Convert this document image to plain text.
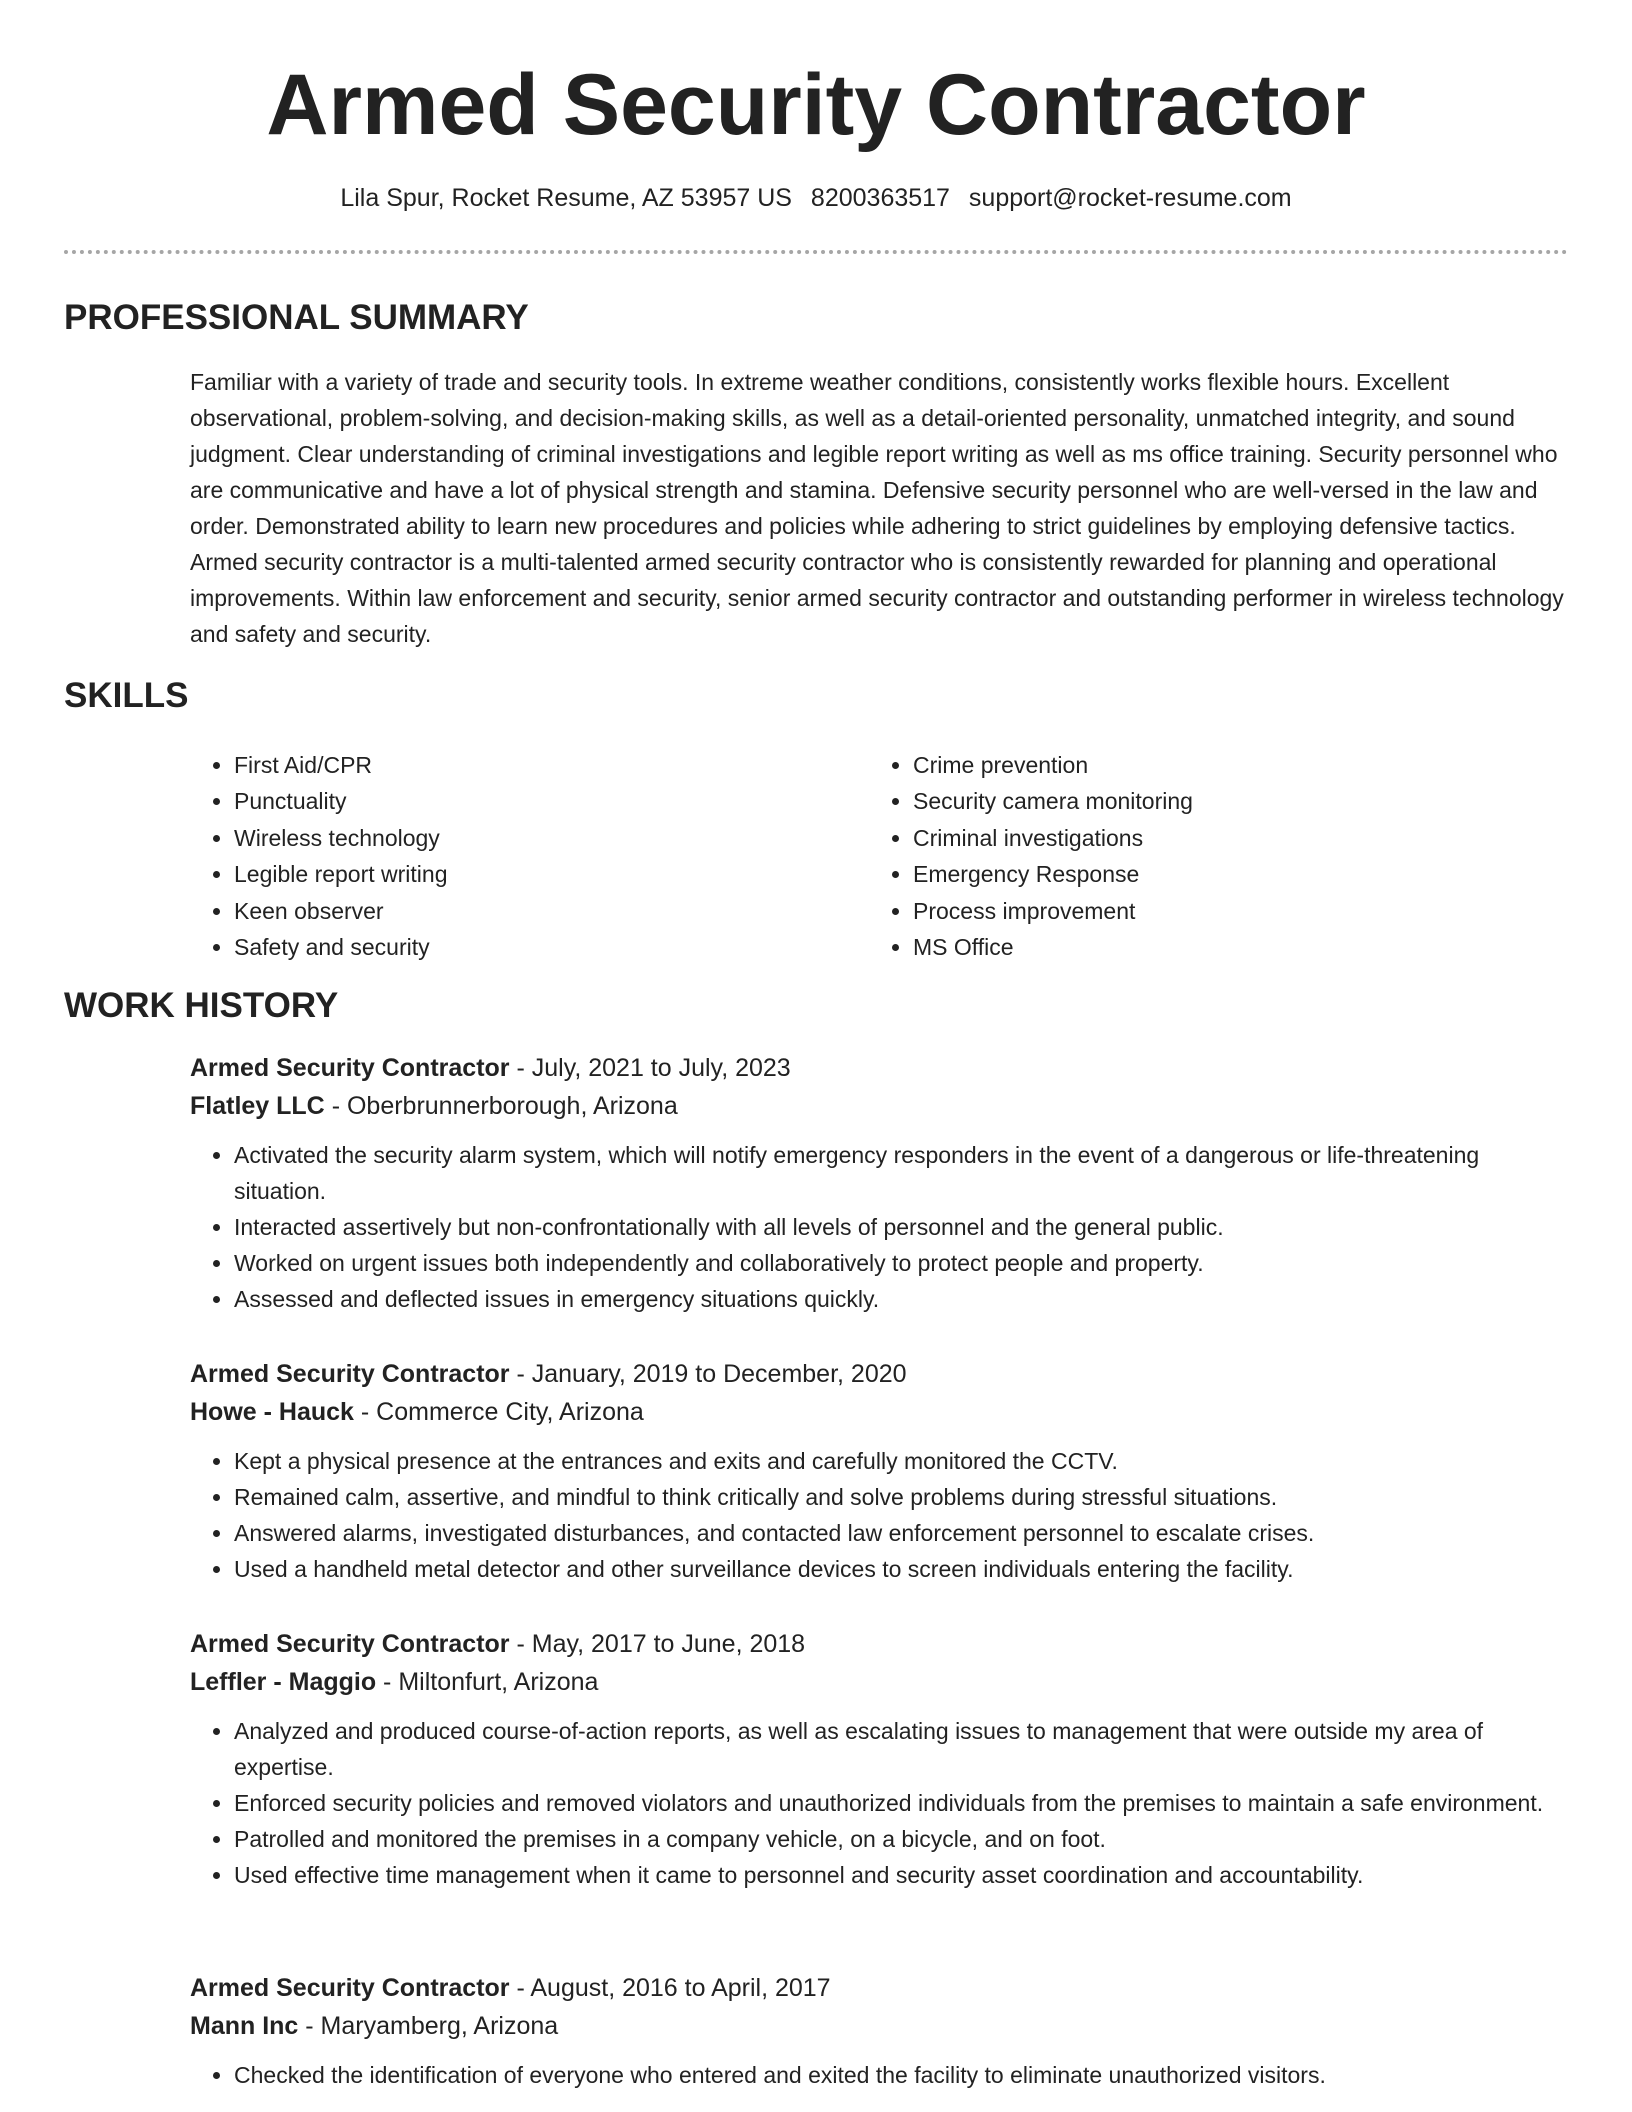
Armed Security Contractor
Lila Spur, Rocket Resume, AZ 53957 US 8200363517 support@rocket-resume.com
PROFESSIONAL SUMMARY

Familiar with a variety of trade and security tools. In extreme weather conditions, consistently works flexible hours. Excellent observational, problem-solving, and decision-making skills, as well as a detail-oriented personality, unmatched integrity, and sound judgment. Clear understanding of criminal investigations and legible report writing as well as ms office training. Security personnel who are communicative and have a lot of physical strength and stamina. Defensive security personnel who are well-versed in the law and order. Demonstrated ability to learn new procedures and policies while adhering to strict guidelines by employing defensive tactics. Armed security contractor is a multi-talented armed security contractor who is consistently rewarded for planning and operational improvements. Within law enforcement and security, senior armed security contractor and outstanding performer in wireless technology and safety and security.

SKILLS
• First Aid/CPR
• Punctuality
• Wireless technology
• Legible report writing
• Keen observer
• Safety and security
• Crime prevention
• Security camera monitoring
• Criminal investigations
• Emergency Response
• Process improvement
• MS Office
WORK HISTORY
Armed Security Contractor - July, 2021 to July, 2023
Flatley LLC - Oberbrunnerborough, Arizona
• Activated the security alarm system, which will notify emergency responders in the event of a dangerous or life-threatening situation.
• Interacted assertively but non-confrontationally with all levels of personnel and the general public.
• Worked on urgent issues both independently and collaboratively to protect people and property.
• Assessed and deflected issues in emergency situations quickly.
Armed Security Contractor - January, 2019 to December, 2020
Howe - Hauck - Commerce City, Arizona
• Kept a physical presence at the entrances and exits and carefully monitored the CCTV.
• Remained calm, assertive, and mindful to think critically and solve problems during stressful situations.
• Answered alarms, investigated disturbances, and contacted law enforcement personnel to escalate crises.
• Used a handheld metal detector and other surveillance devices to screen individuals entering the facility.
Armed Security Contractor - May, 2017 to June, 2018
Leffler - Maggio - Miltonfurt, Arizona
• Analyzed and produced course-of-action reports, as well as escalating issues to management that were outside my area of expertise.
• Enforced security policies and removed violators and unauthorized individuals from the premises to maintain a safe environment.
• Patrolled and monitored the premises in a company vehicle, on a bicycle, and on foot.
• Used effective time management when it came to personnel and security asset coordination and accountability.
Armed Security Contractor - August, 2016 to April, 2017
Mann Inc - Maryamberg, Arizona
• Checked the identification of everyone who entered and exited the facility to eliminate unauthorized visitors.
